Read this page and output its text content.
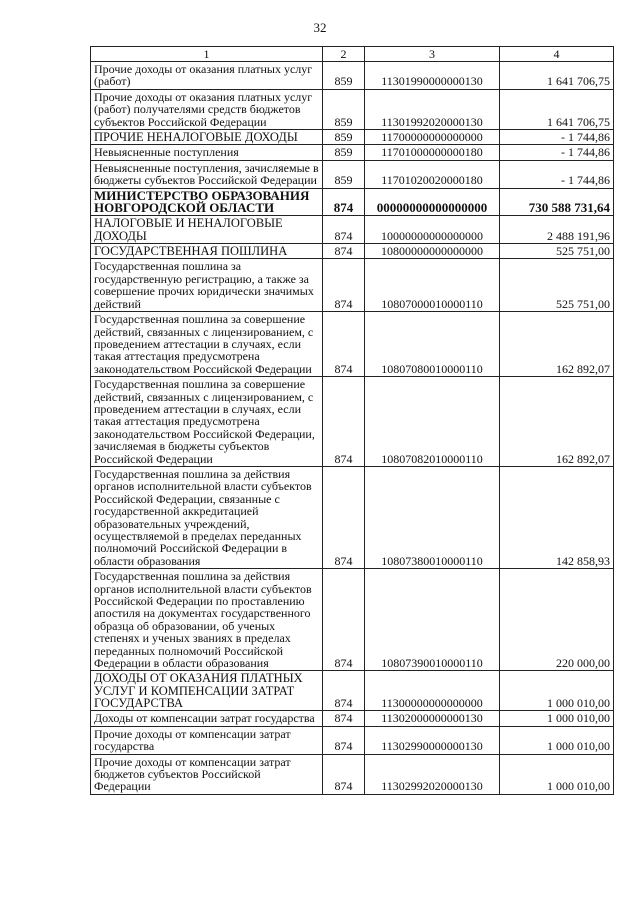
32
1	2	3	4
Прочие доходы от оказания платных услуг (работ)	859	11301990000000130	1 641 706,75
Прочие доходы от оказания платных услуг (работ) получателями средств бюджетов субъектов Российской Федерации	859	11301992020000130	1 641 706,75
ПРОЧИЕ НЕНАЛОГОВЫЕ ДОХОДЫ	859	11700000000000000	- 1 744,86
Невыясненные поступления	859	11701000000000180	- 1 744,86
Невыясненные поступления, зачисляемые в бюджеты субъектов Российской Федерации	859	11701020020000180	- 1 744,86
МИНИСТЕРСТВО ОБРАЗОВАНИЯ НОВГОРОДСКОЙ ОБЛАСТИ	874	00000000000000000	730 588 731,64
НАЛОГОВЫЕ И НЕНАЛОГОВЫЕ ДОХОДЫ	874	10000000000000000	2 488 191,96
ГОСУДАРСТВЕННАЯ ПОШЛИНА	874	10800000000000000	525 751,00
Государственная пошлина за государственную регистрацию, а также за совершение прочих юридически значимых действий	874	10807000010000110	525 751,00
Государственная пошлина за совершение действий, связанных с лицензированием, с проведением аттестации в случаях, если такая аттестация предусмотрена законодательством Российской Федерации	874	10807080010000110	162 892,07
Государственная пошлина за совершение действий, связанных с лицензированием, с проведением аттестации в случаях, если такая аттестация предусмотрена законодательством Российской Федерации, зачисляемая в бюджеты субъектов Российской Федерации	874	10807082010000110	162 892,07
Государственная пошлина за действия органов исполнительной власти субъектов Российской Федерации, связанные с государственной аккредитацией образовательных учреждений, осуществляемой в пределах переданных полномочий Российской Федерации в области образования	874	10807380010000110	142 858,93
Государственная пошлина за действия органов исполнительной власти субъектов Российской Федерации по проставлению апостиля на документах государственного образца об образовании, об ученых степенях и ученых званиях в пределах переданных полномочий Российской Федерации в области образования	874	10807390010000110	220 000,00
ДОХОДЫ ОТ ОКАЗАНИЯ ПЛАТНЫХ УСЛУГ И КОМПЕНСАЦИИ ЗАТРАТ ГОСУДАРСТВА	874	11300000000000000	1 000 010,00
Доходы от компенсации затрат государства	874	11302000000000130	1 000 010,00
Прочие доходы от компенсации затрат государства	874	11302990000000130	1 000 010,00
Прочие доходы от компенсации затрат бюджетов субъектов Российской Федерации	874	11302992020000130	1 000 010,00
